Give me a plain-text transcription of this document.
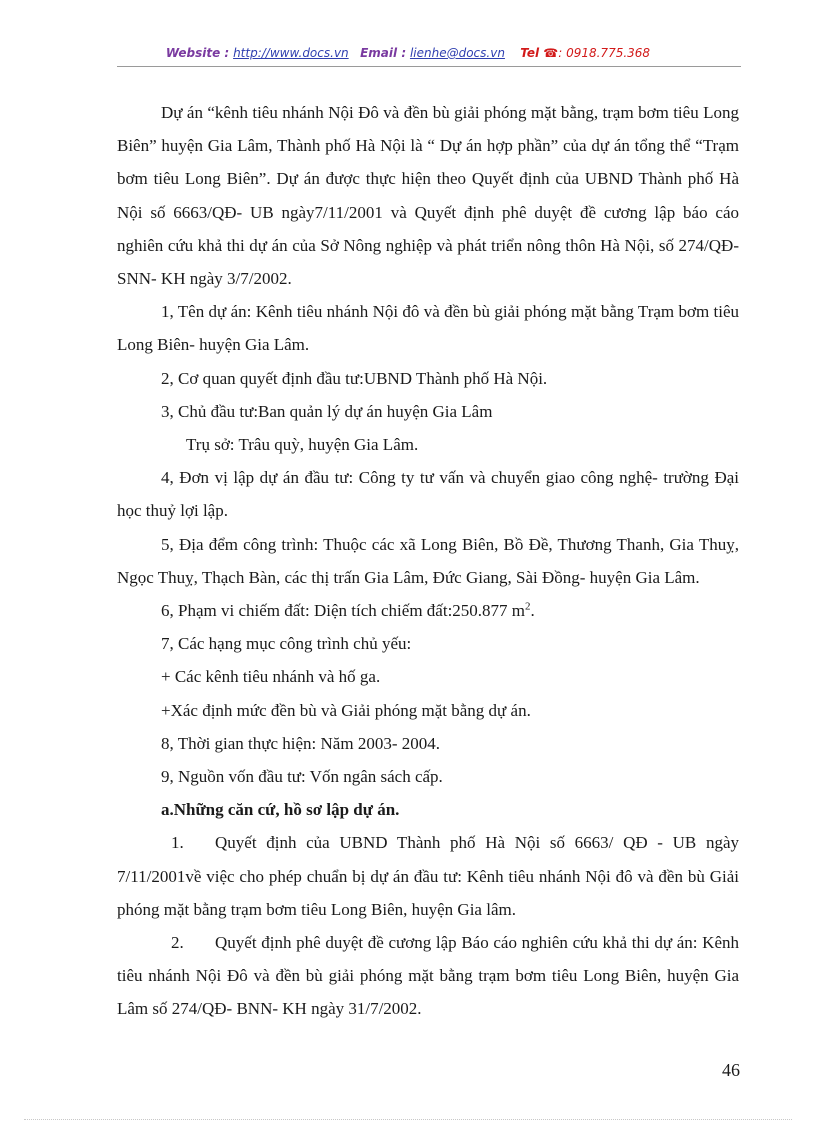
Website : http://www.docs.vn Email : lienhe@docs.vn Tel ☎: 0918.775.368

Dự án “kênh tiêu nhánh Nội Đô và đền bù giải phóng mặt bằng, trạm bơm tiêu Long Biên” huyện Gia Lâm, Thành phố Hà Nội là “ Dự án hợp phần” của dự án tổng thể “Trạm bơm tiêu Long Biên”. Dự án được thực hiện theo Quyết định của UBND Thành phố Hà Nội số 6663/QĐ- UB ngày7/11/2001 và Quyết định phê duyệt đề cương lập báo cáo nghiên cứu khả thi dự án của Sở Nông nghiệp và phát triển nông thôn Hà Nội, số 274/QĐ- SNN- KH ngày 3/7/2002.

1, Tên dự án: Kênh tiêu nhánh Nội đô và đền bù giải phóng mặt bằng Trạm bơm tiêu Long Biên- huyện Gia Lâm.

2, Cơ quan quyết định đầu tư:UBND Thành phố Hà Nội.

3, Chủ đầu tư:Ban quản lý dự án huyện Gia Lâm

Trụ sở: Trâu quỳ, huyện Gia Lâm.

4, Đơn vị lập dự án đầu tư: Công ty tư vấn và chuyển giao công nghệ- trường Đại học thuỷ lợi lập.

5, Địa đểm công trình: Thuộc các xã Long Biên, Bồ Đề, Thương Thanh, Gia Thuỵ, Ngọc Thuỵ, Thạch Bàn, các thị trấn Gia Lâm, Đức Giang, Sài Đồng- huyện Gia Lâm.

6, Phạm vi chiếm đất: Diện tích chiếm đất:250.877 $m^2$.

7, Các hạng mục công trình chủ yếu:

+ Các kênh tiêu nhánh và hố ga.

+Xác định mức đền bù và Giải phóng mặt bằng dự án.

8, Thời gian thực hiện: Năm 2003- 2004.

9, Nguồn vốn đầu tư: Vốn ngân sách cấp.

a.Những căn cứ, hồ sơ lập dự án.

1. Quyết định của UBND Thành phố Hà Nội số 6663/ QĐ - UB ngày 7/11/2001về việc cho phép chuẩn bị dự án đầu tư: Kênh tiêu nhánh Nội đô và đền bù Giải phóng mặt bằng trạm bơm tiêu Long Biên, huyện Gia lâm.

2. Quyết định phê duyệt đề cương lập Báo cáo nghiên cứu khả thi dự án: Kênh tiêu nhánh Nội Đô và đền bù giải phóng mặt bằng trạm bơm tiêu Long Biên, huyện Gia Lâm số 274/QĐ- BNN- KH ngày 31/7/2002.

46
